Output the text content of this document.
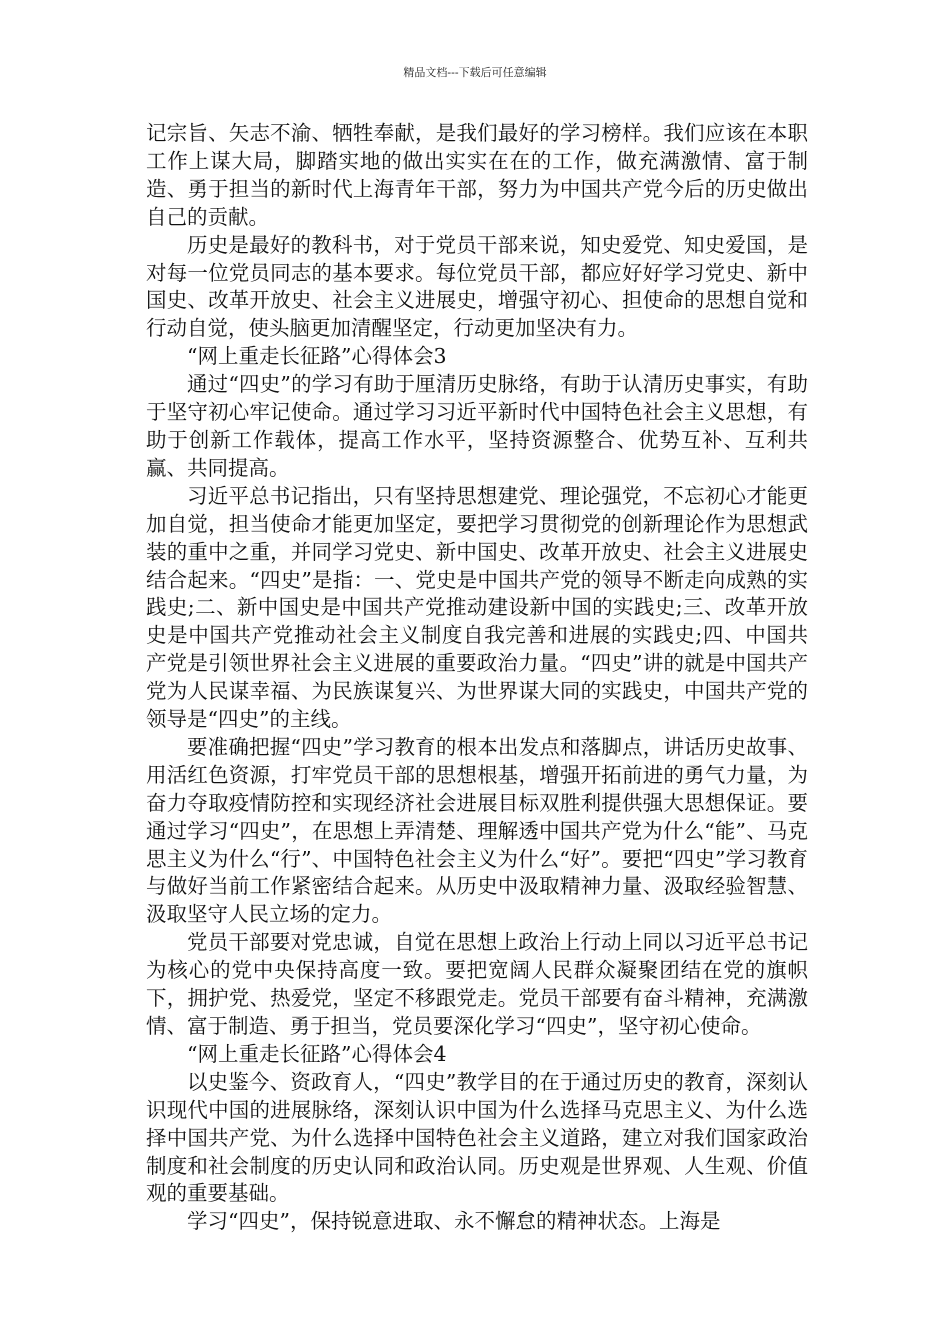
精品文档---下载后可任意编辑

记宗旨、矢志不渝、牺牲奉献，是我们最好的学习榜样。我们应该在本职工作上谋大局，脚踏实地的做出实实在在的工作，做充满激情、富于制造、勇于担当的新时代上海青年干部，努力为中国共产党今后的历史做出自己的贡献。

历史是最好的教科书，对于党员干部来说，知史爱党、知史爱国，是对每一位党员同志的基本要求。每位党员干部，都应好好学习党史、新中国史、改革开放史、社会主义进展史，增强守初心、担使命的思想自觉和行动自觉，使头脑更加清醒坚定，行动更加坚决有力。

“网上重走长征路”心得体会3

通过“四史”的学习有助于厘清历史脉络，有助于认清历史事实，有助于坚守初心牢记使命。通过学习习近平新时代中国特色社会主义思想，有助于创新工作载体，提高工作水平，坚持资源整合、优势互补、互利共赢、共同提高。

习近平总书记指出，只有坚持思想建党、理论强党，不忘初心才能更加自觉，担当使命才能更加坚定，要把学习贯彻党的创新理论作为思想武装的重中之重，并同学习党史、新中国史、改革开放史、社会主义进展史结合起来。“四史”是指：一、党史是中国共产党的领导不断走向成熟的实践史;二、新中国史是中国共产党推动建设新中国的实践史;三、改革开放史是中国共产党推动社会主义制度自我完善和进展的实践史;四、中国共产党是引领世界社会主义进展的重要政治力量。“四史”讲的就是中国共产党为人民谋幸福、为民族谋复兴、为世界谋大同的实践史，中国共产党的领导是“四史”的主线。

要准确把握“四史”学习教育的根本出发点和落脚点，讲话历史故事、用活红色资源，打牢党员干部的思想根基，增强开拓前进的勇气力量，为奋力夺取疫情防控和实现经济社会进展目标双胜利提供强大思想保证。要通过学习“四史”，在思想上弄清楚、理解透中国共产党为什么“能”、马克思主义为什么“行”、中国特色社会主义为什么“好”。要把“四史”学习教育与做好当前工作紧密结合起来。从历史中汲取精神力量、汲取经验智慧、汲取坚守人民立场的定力。

党员干部要对党忠诚，自觉在思想上政治上行动上同以习近平总书记为核心的党中央保持高度一致。要把宽阔人民群众凝聚团结在党的旗帜下，拥护党、热爱党，坚定不移跟党走。党员干部要有奋斗精神，充满激情、富于制造、勇于担当，党员要深化学习“四史”，坚守初心使命。

“网上重走长征路”心得体会4

以史鉴今、资政育人，“四史”教学目的在于通过历史的教育，深刻认识现代中国的进展脉络，深刻认识中国为什么选择马克思主义、为什么选择中国共产党、为什么选择中国特色社会主义道路，建立对我们国家政治制度和社会制度的历史认同和政治认同。历史观是世界观、人生观、价值观的重要基础。

学习“四史”，保持锐意进取、永不懈怠的精神状态。上海是
